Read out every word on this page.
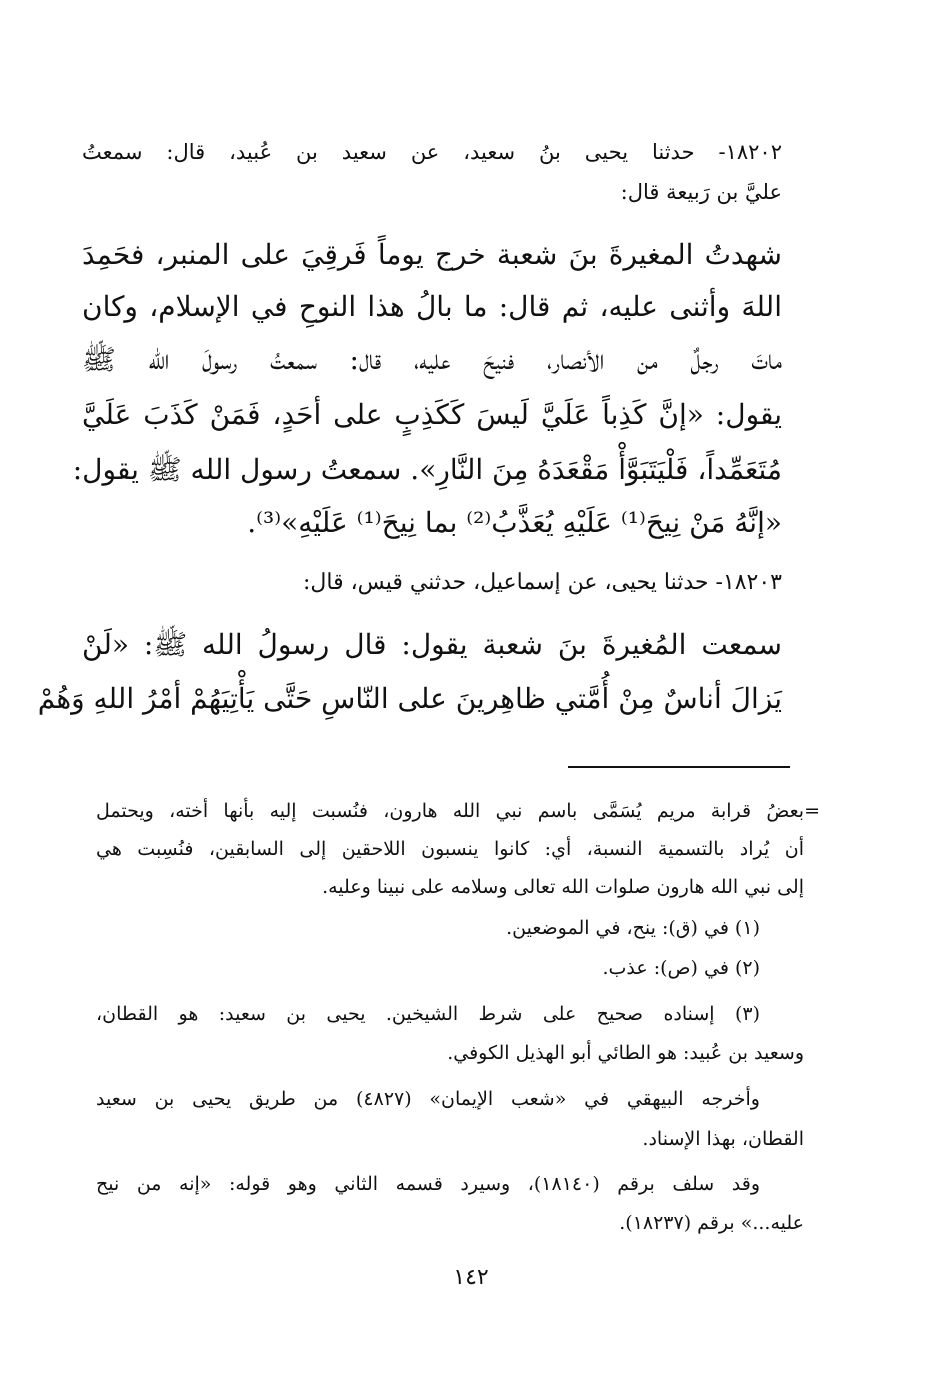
١٨٢٠٢- حدثنا يحيى بنُ سعيد، عن سعيد بن عُبيد، قال: سمعتُ
عليَّ بن رَبيعة قال:
شهدتُ المغيرةَ بنَ شعبة خرج يوماً فَرقِيَ على المنبر، فحَمِدَ
اللهَ وأثنى عليه، ثم قال: ما بالُ هذا النوحِ في الإسلام، وكان
ماتَ رجلٌ من الأنصار، فنيحَ عليه، قال: سمعتُ رسولَ الله ﷺ
يقول: «إنَّ كَذِباً عَلَيَّ لَيسَ كَكَذِبٍ على أحَدٍ، فَمَنْ كَذَبَ عَلَيَّ
مُتَعَمِّداً، فَلْيَتَبَوَّأْ مَقْعَدَهُ مِنَ النَّارِ». سمعتُ رسول الله ﷺ يقول:
«إنَّهُ مَنْ نِيحَ⁽¹⁾ عَلَيْهِ يُعَذَّبُ⁽²⁾ بما نِيحَ⁽¹⁾ عَلَيْهِ»⁽³⁾.
١٨٢٠٣- حدثنا يحيى، عن إسماعيل، حدثني قيس، قال:
سمعت المُغيرةَ بنَ شعبة يقول: قال رسولُ الله ﷺ: «لَنْ
يَزالَ أناسٌ مِنْ أُمَّتي ظاهِرينَ على النّاسِ حَتَّى يَأْتِيَهُمْ أمْرُ اللهِ وَهُمْ
=بعضُ قرابة مريم يُسَمَّى باسم نبي الله هارون، فنُسبت إليه بأنها أخته، ويحتمل
أن يُراد بالتسمية النسبة، أي: كانوا ينسبون اللاحقين إلى السابقين، فنُسِبت هي
إلى نبي الله هارون صلوات الله تعالى وسلامه على نبينا وعليه.
(١) في (ق): ينح، في الموضعين.
(٢) في (ص): عذب.
(٣) إسناده صحيح على شرط الشيخين. يحيى بن سعيد: هو القطان،
وسعيد بن عُبيد: هو الطائي أبو الهذيل الكوفي.
وأخرجه البيهقي في «شعب الإيمان» (٤٨٢٧) من طريق يحيى بن سعيد
القطان، بهذا الإسناد.
وقد سلف برقم (١٨١٤٠)، وسيرد قسمه الثاني وهو قوله: «إنه من نيح
عليه...» برقم (١٨٢٣٧).
١٤٢
